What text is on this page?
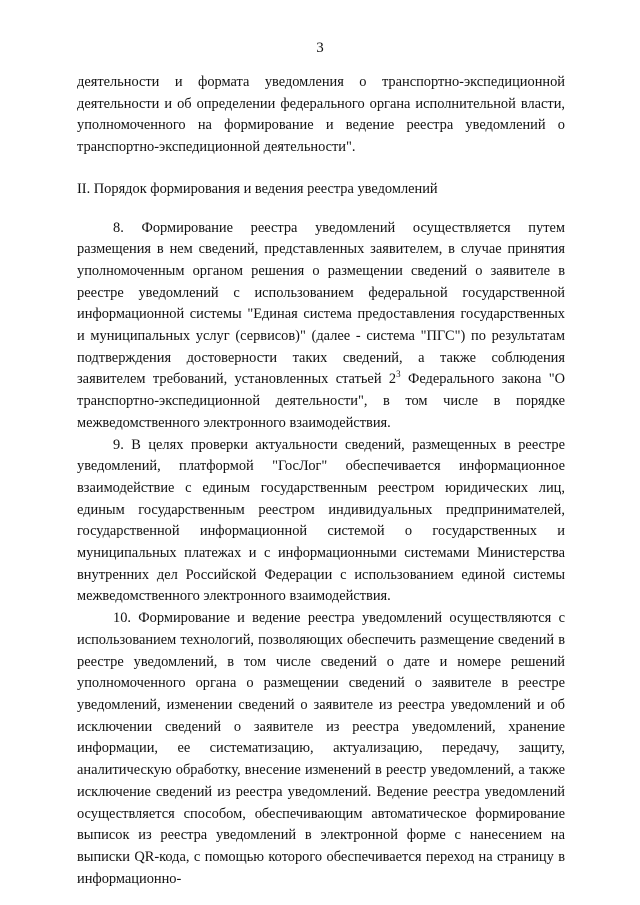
3

деятельности и формата уведомления о транспортно-экспедиционной деятельности и об определении федерального органа исполнительной власти, уполномоченного на формирование и ведение реестра уведомлений о транспортно-экспедиционной деятельности".

II. Порядок формирования и ведения реестра уведомлений

8. Формирование реестра уведомлений осуществляется путем размещения в нем сведений, представленных заявителем, в случае принятия уполномоченным органом решения о размещении сведений о заявителе в реестре уведомлений с использованием федеральной государственной информационной системы "Единая система предоставления государственных и муниципальных услуг (сервисов)" (далее - система "ПГС") по результатам подтверждения достоверности таких сведений, а также соблюдения заявителем требований, установленных статьей $2^3$ Федерального закона "О транспортно-экспедиционной деятельности", в том числе в порядке межведомственного электронного взаимодействия.

9. В целях проверки актуальности сведений, размещенных в реестре уведомлений, платформой "ГосЛог" обеспечивается информационное взаимодействие с единым государственным реестром юридических лиц, единым государственным реестром индивидуальных предпринимателей, государственной информационной системой о государственных и муниципальных платежах и с информационными системами Министерства внутренних дел Российской Федерации с использованием единой системы межведомственного электронного взаимодействия.

10. Формирование и ведение реестра уведомлений осуществляются с использованием технологий, позволяющих обеспечить размещение сведений в реестре уведомлений, в том числе сведений о дате и номере решений уполномоченного органа о размещении сведений о заявителе в реестре уведомлений, изменении сведений о заявителе из реестра уведомлений и об исключении сведений о заявителе из реестра уведомлений, хранение информации, ее систематизацию, актуализацию, передачу, защиту, аналитическую обработку, внесение изменений в реестр уведомлений, а также исключение сведений из реестра уведомлений. Ведение реестра уведомлений осуществляется способом, обеспечивающим автоматическое формирование выписок из реестра уведомлений в электронной форме с нанесением на выписки QR-кода, с помощью которого обеспечивается переход на страницу в информационно-
